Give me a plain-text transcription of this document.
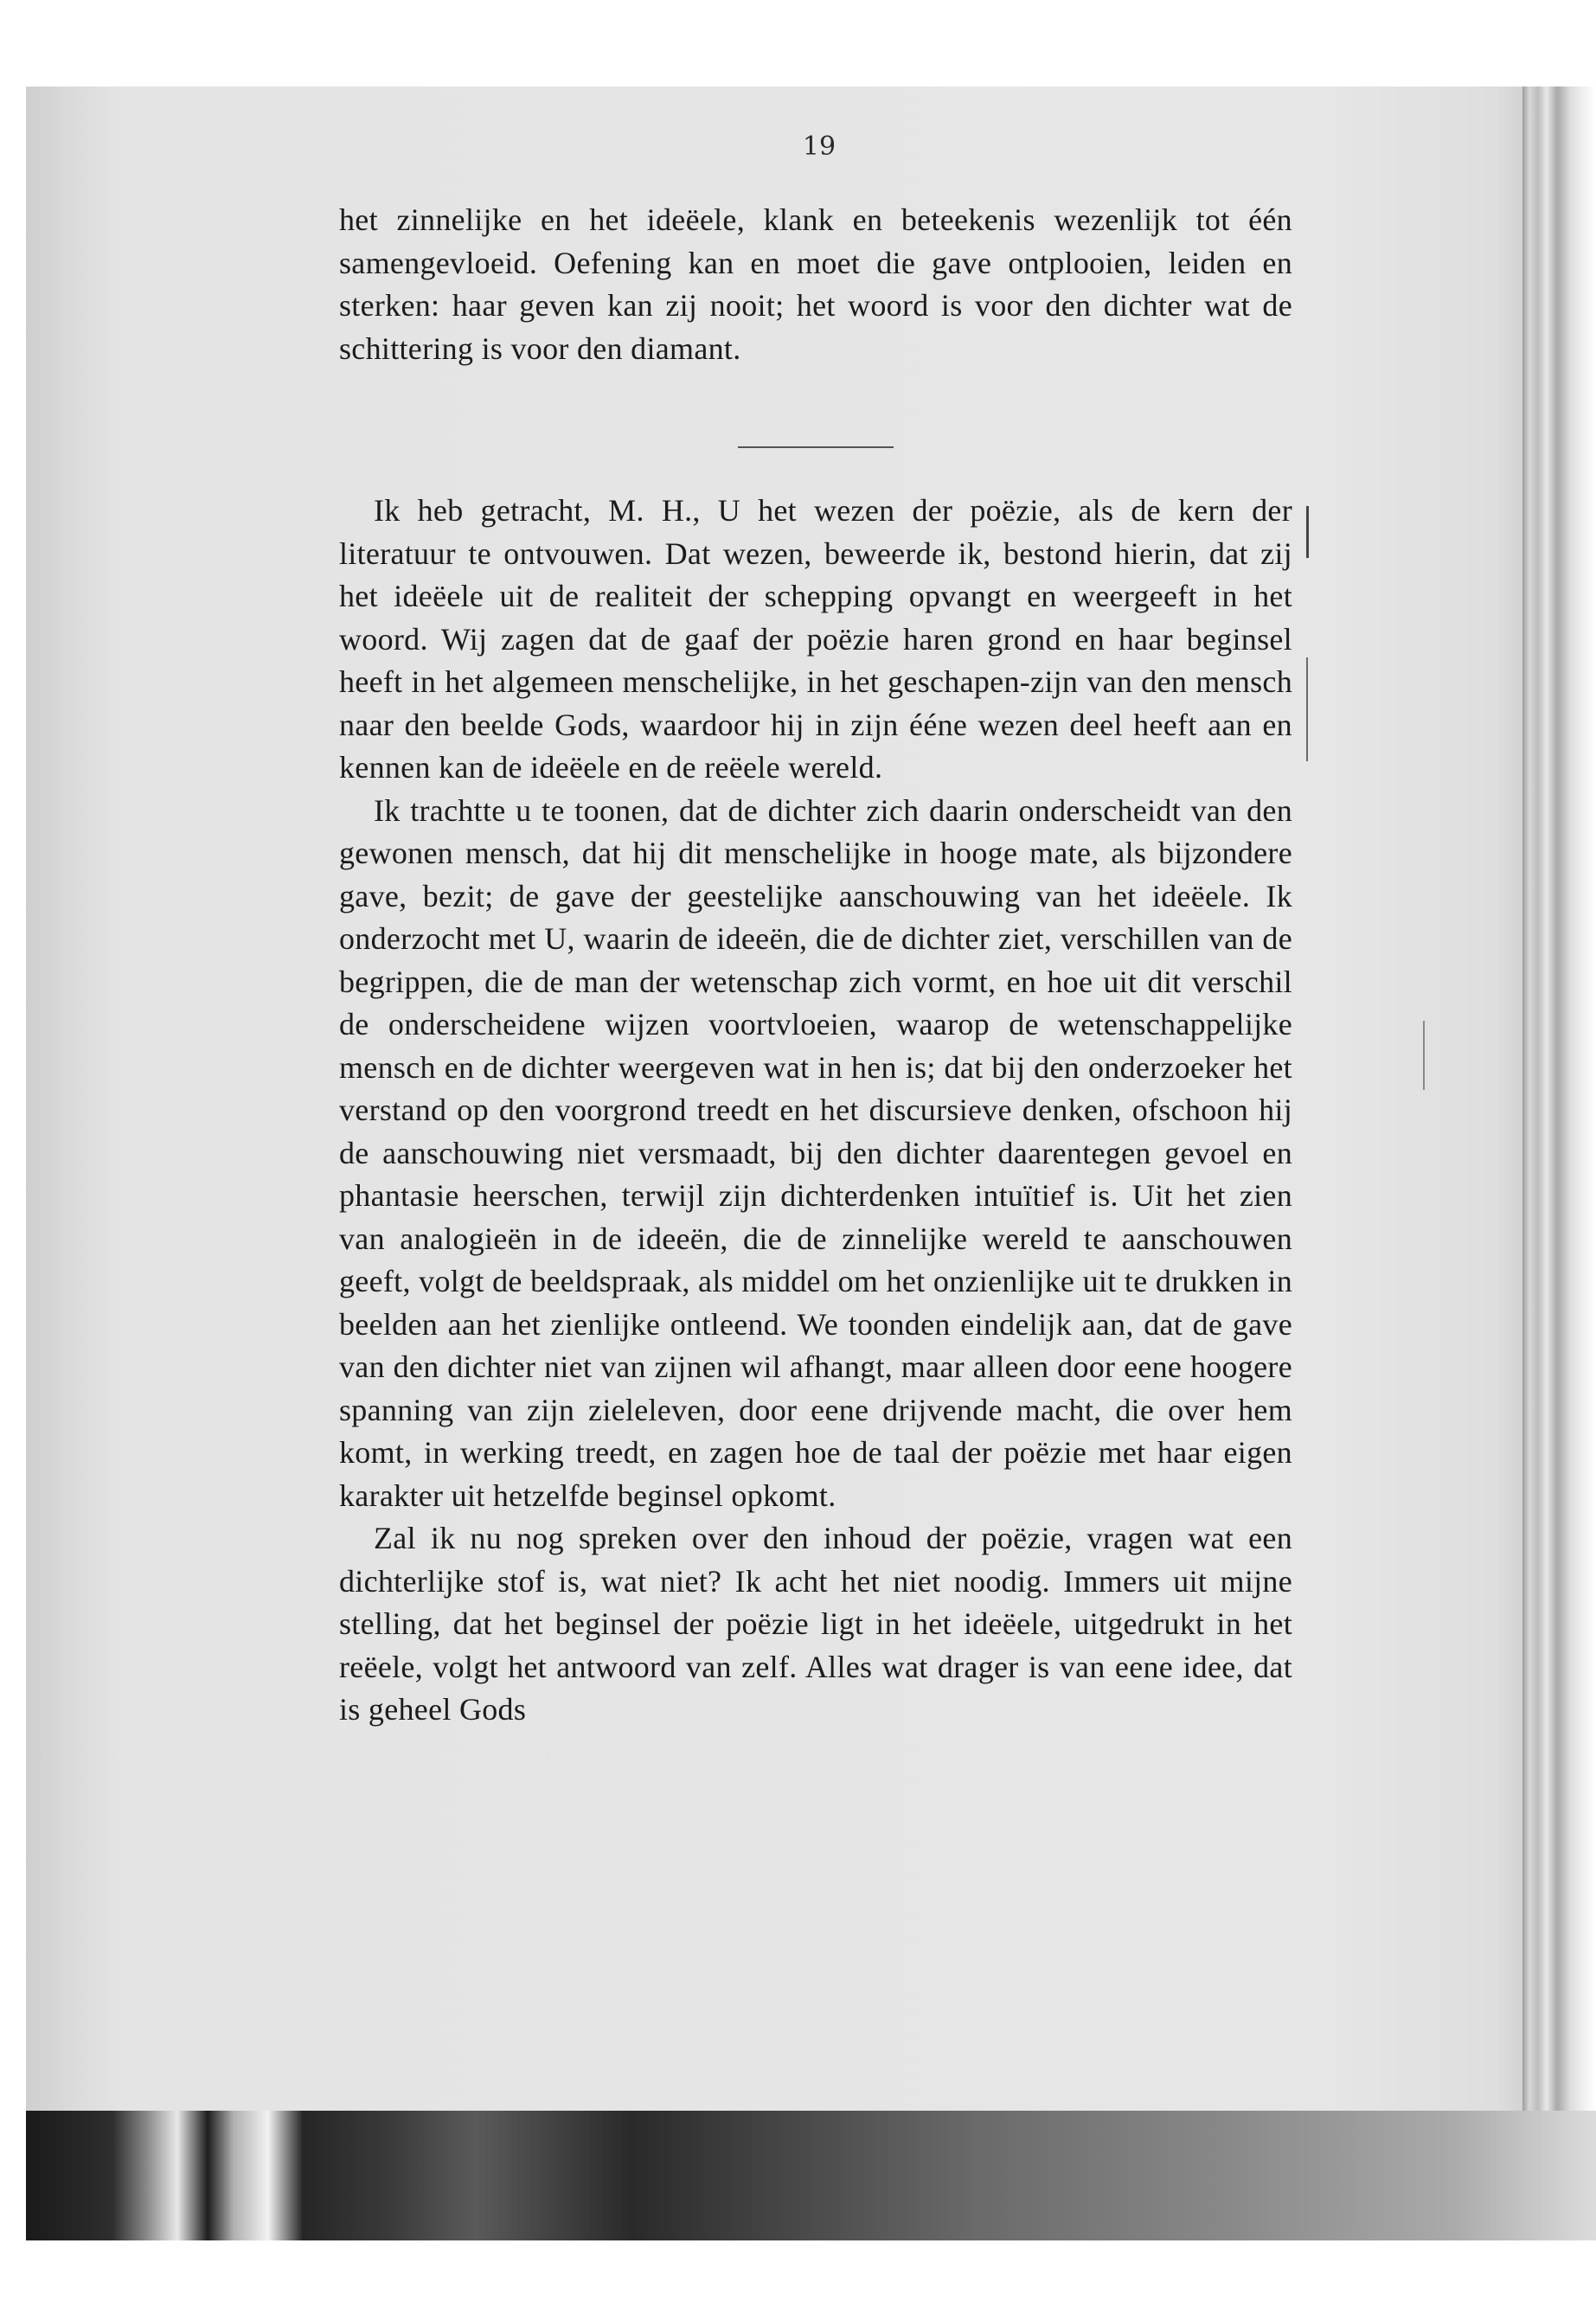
19

het zinnelijke en het ideëele, klank en beteekenis wezenlijk tot één samengevloeid. Oefening kan en moet die gave ontplooien, leiden en sterken: haar geven kan zij nooit; het woord is voor den dichter wat de schittering is voor den diamant.

Ik heb getracht, M. H., U het wezen der poëzie, als de kern der literatuur te ontvouwen. Dat wezen, beweerde ik, bestond hierin, dat zij het ideëele uit de realiteit der schepping opvangt en weergeeft in het woord. Wij zagen dat de gaaf der poëzie haren grond en haar beginsel heeft in het algemeen menschelijke, in het geschapen-zijn van den mensch naar den beelde Gods, waardoor hij in zijn ééne wezen deel heeft aan en kennen kan de ideëele en de reëele wereld.

Ik trachtte u te toonen, dat de dichter zich daarin onderscheidt van den gewonen mensch, dat hij dit menschelijke in hooge mate, als bijzondere gave, bezit; de gave der geestelijke aanschouwing van het ideëele. Ik onderzocht met U, waarin de ideeën, die de dichter ziet, verschillen van de begrippen, die de man der wetenschap zich vormt, en hoe uit dit verschil de onderscheidene wijzen voortvloeien, waarop de wetenschappelijke mensch en de dichter weergeven wat in hen is; dat bij den onderzoeker het verstand op den voorgrond treedt en het discursieve denken, ofschoon hij de aanschouwing niet versmaadt, bij den dichter daarentegen gevoel en phantasie heerschen, terwijl zijn dichterdenken intuïtief is. Uit het zien van analogieën in de ideeën, die de zinnelijke wereld te aanschouwen geeft, volgt de beeldspraak, als middel om het onzienlijke uit te drukken in beelden aan het zienlijke ontleend. We toonden eindelijk aan, dat de gave van den dichter niet van zijnen wil afhangt, maar alleen door eene hoogere spanning van zijn zieleleven, door eene drijvende macht, die over hem komt, in werking treedt, en zagen hoe de taal der poëzie met haar eigen karakter uit hetzelfde beginsel opkomt.

Zal ik nu nog spreken over den inhoud der poëzie, vragen wat een dichterlijke stof is, wat niet? Ik acht het niet noodig. Immers uit mijne stelling, dat het beginsel der poëzie ligt in het ideëele, uitgedrukt in het reëele, volgt het antwoord van zelf. Alles wat drager is van eene idee, dat is geheel Gods
